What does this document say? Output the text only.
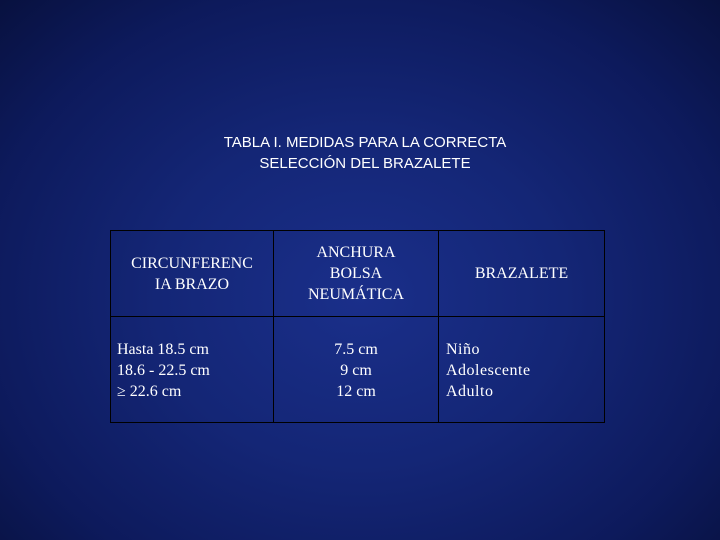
TABLA I. MEDIDAS PARA LA CORRECTA
SELECCIÓN DEL BRAZALETE
CIRCUNFERENC
IA BRAZO	ANCHURA
BOLSA
NEUMÁTICA	BRAZALETE

Hasta 18.5 cm
18.6 - 22.5 cm
≥ 22.6 cm	7.5 cm
9 cm
12 cm	Niño
Adolescente
Adulto
